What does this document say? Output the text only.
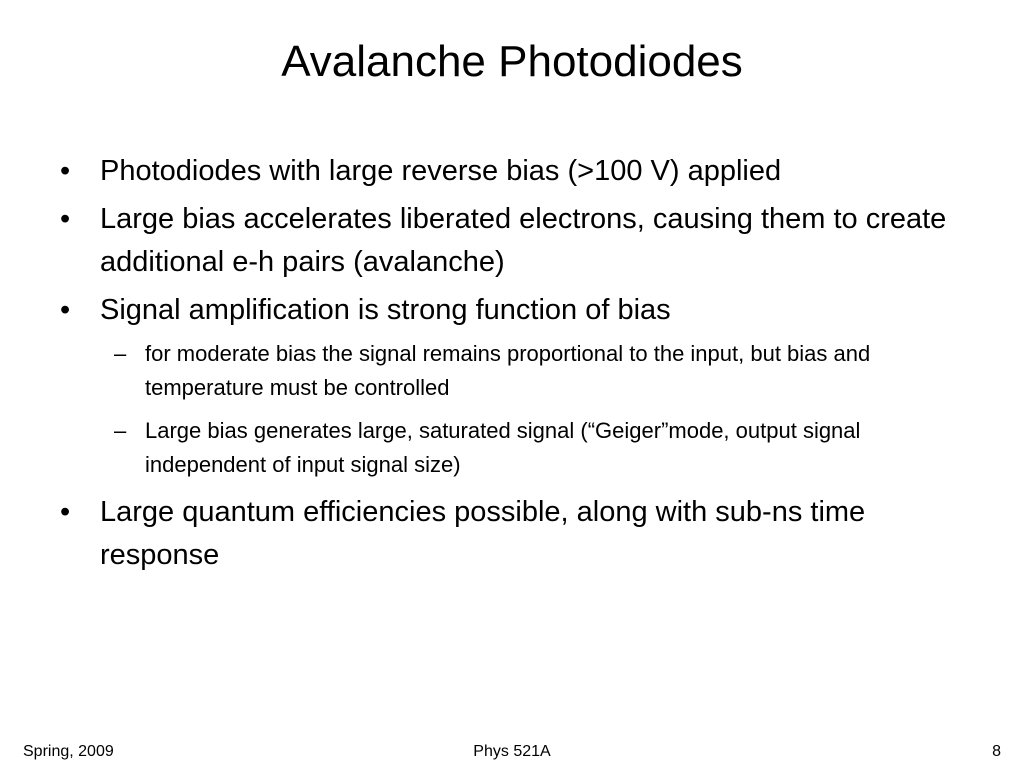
Avalanche Photodiodes
• Photodiodes with large reverse bias (>100 V) applied
• Large bias accelerates liberated electrons, causing them to create additional e-h pairs (avalanche)
• Signal amplification is strong function of bias
– for moderate bias the signal remains proportional to the input, but bias and temperature must be controlled
– Large bias generates large, saturated signal (“Geiger”mode, output signal independent of input signal size)
• Large quantum efficiencies possible, along with sub-ns time response
Spring, 2009	Phys 521A	8
